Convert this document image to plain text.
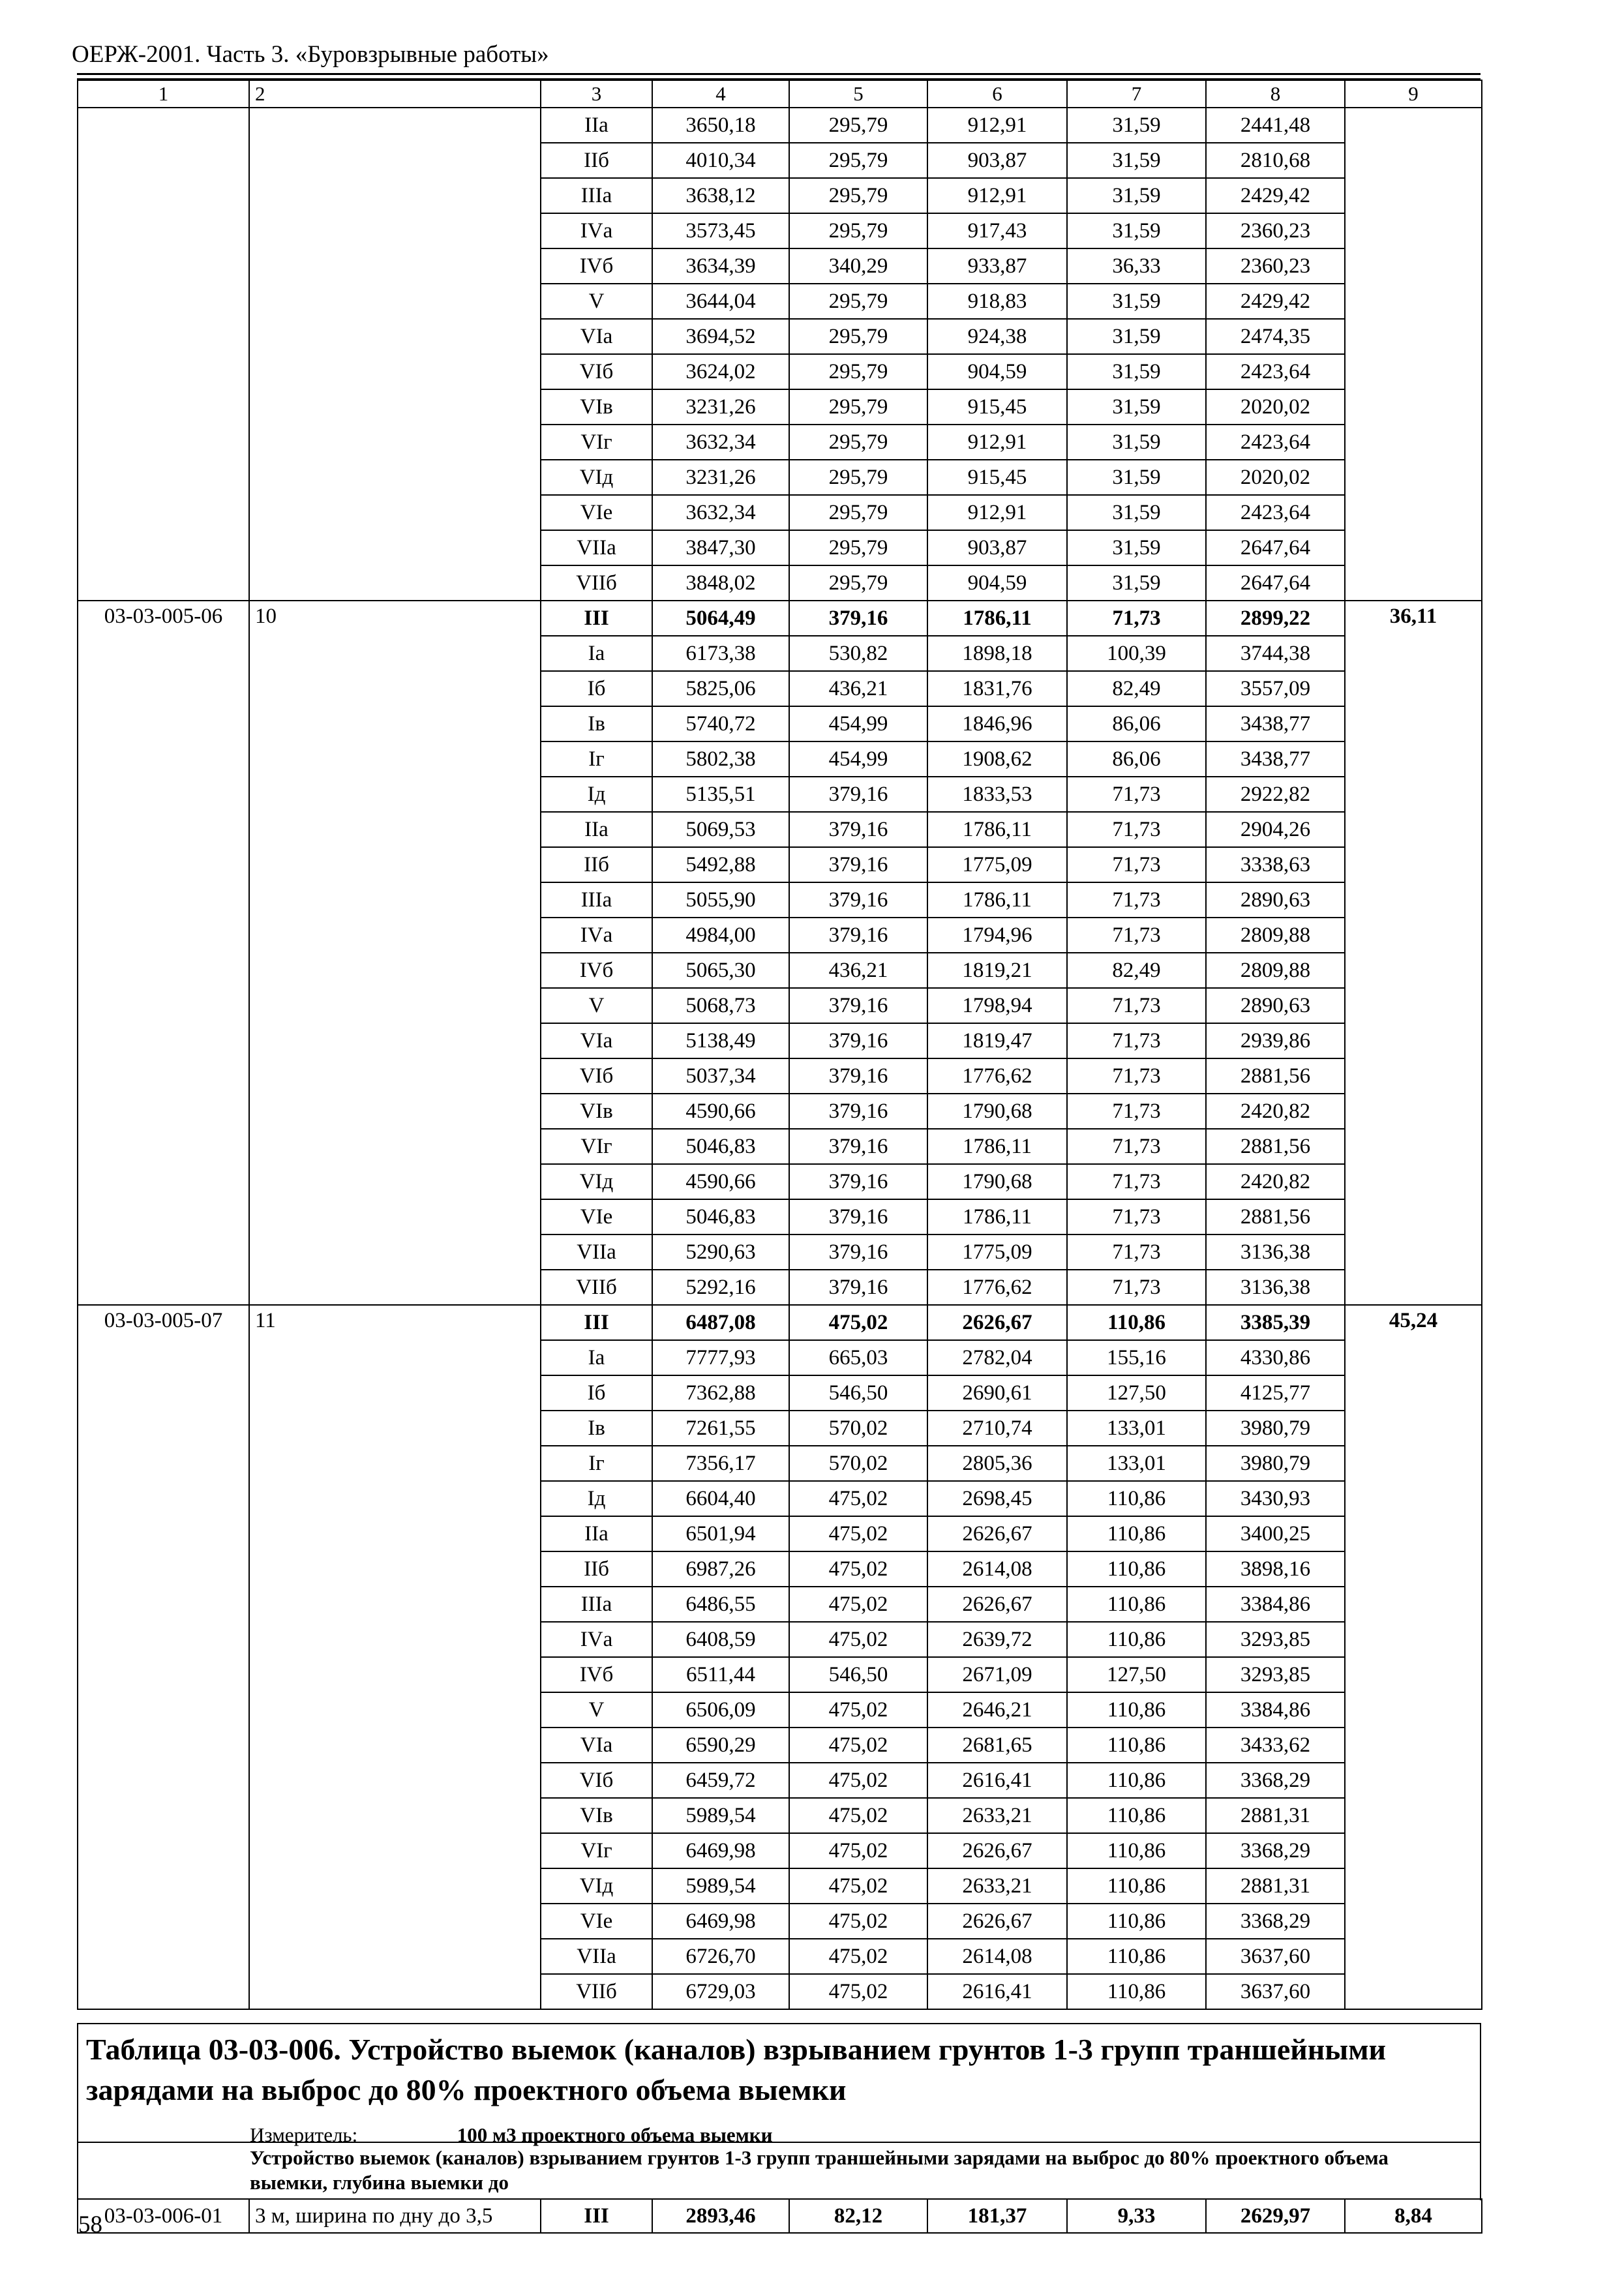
ОЕРЖ-2001. Часть 3. «Буровзрывные работы»
1	2	3	4	5	6	7	8	9
		IIа	3650,18	295,79	912,91	31,59	2441,48	
		IIб	4010,34	295,79	903,87	31,59	2810,68	
		IIIа	3638,12	295,79	912,91	31,59	2429,42	
		IVа	3573,45	295,79	917,43	31,59	2360,23	
		IVб	3634,39	340,29	933,87	36,33	2360,23	
		V	3644,04	295,79	918,83	31,59	2429,42	
		VIа	3694,52	295,79	924,38	31,59	2474,35	
		VIб	3624,02	295,79	904,59	31,59	2423,64	
		VIв	3231,26	295,79	915,45	31,59	2020,02	
		VIг	3632,34	295,79	912,91	31,59	2423,64	
		VIд	3231,26	295,79	915,45	31,59	2020,02	
		VIе	3632,34	295,79	912,91	31,59	2423,64	
		VIIа	3847,30	295,79	903,87	31,59	2647,64	
		VIIб	3848,02	295,79	904,59	31,59	2647,64	
03-03-005-06	10	III	5064,49	379,16	1786,11	71,73	2899,22	36,11
		Iа	6173,38	530,82	1898,18	100,39	3744,38	
		Iб	5825,06	436,21	1831,76	82,49	3557,09	
		Iв	5740,72	454,99	1846,96	86,06	3438,77	
		Iг	5802,38	454,99	1908,62	86,06	3438,77	
		Iд	5135,51	379,16	1833,53	71,73	2922,82	
		IIа	5069,53	379,16	1786,11	71,73	2904,26	
		IIб	5492,88	379,16	1775,09	71,73	3338,63	
		IIIа	5055,90	379,16	1786,11	71,73	2890,63	
		IVа	4984,00	379,16	1794,96	71,73	2809,88	
		IVб	5065,30	436,21	1819,21	82,49	2809,88	
		V	5068,73	379,16	1798,94	71,73	2890,63	
		VIа	5138,49	379,16	1819,47	71,73	2939,86	
		VIб	5037,34	379,16	1776,62	71,73	2881,56	
		VIв	4590,66	379,16	1790,68	71,73	2420,82	
		VIг	5046,83	379,16	1786,11	71,73	2881,56	
		VIд	4590,66	379,16	1790,68	71,73	2420,82	
		VIе	5046,83	379,16	1786,11	71,73	2881,56	
		VIIа	5290,63	379,16	1775,09	71,73	3136,38	
		VIIб	5292,16	379,16	1776,62	71,73	3136,38	
03-03-005-07	11	III	6487,08	475,02	2626,67	110,86	3385,39	45,24
		Iа	7777,93	665,03	2782,04	155,16	4330,86	
		Iб	7362,88	546,50	2690,61	127,50	4125,77	
		Iв	7261,55	570,02	2710,74	133,01	3980,79	
		Iг	7356,17	570,02	2805,36	133,01	3980,79	
		Iд	6604,40	475,02	2698,45	110,86	3430,93	
		IIа	6501,94	475,02	2626,67	110,86	3400,25	
		IIб	6987,26	475,02	2614,08	110,86	3898,16	
		IIIа	6486,55	475,02	2626,67	110,86	3384,86	
		IVа	6408,59	475,02	2639,72	110,86	3293,85	
		IVб	6511,44	546,50	2671,09	127,50	3293,85	
		V	6506,09	475,02	2646,21	110,86	3384,86	
		VIа	6590,29	475,02	2681,65	110,86	3433,62	
		VIб	6459,72	475,02	2616,41	110,86	3368,29	
		VIв	5989,54	475,02	2633,21	110,86	2881,31	
		VIг	6469,98	475,02	2626,67	110,86	3368,29	
		VIд	5989,54	475,02	2633,21	110,86	2881,31	
		VIе	6469,98	475,02	2626,67	110,86	3368,29	
		VIIа	6726,70	475,02	2614,08	110,86	3637,60	
		VIIб	6729,03	475,02	2616,41	110,86	3637,60	
Таблица 03-03-006. Устройство выемок (каналов) взрыванием грунтов 1-3 групп траншейными зарядами на выброс до 80% проектного объема выемки
Измеритель:	100 м3 проектного объема выемки
Устройство выемок (каналов) взрыванием грунтов 1-3 групп траншейными зарядами на выброс до 80% проектного объема выемки, глубина выемки до
03-03-006-01	3 м, ширина по дну до 3,5	III	2893,46	82,12	181,37	9,33	2629,97	8,84
58
